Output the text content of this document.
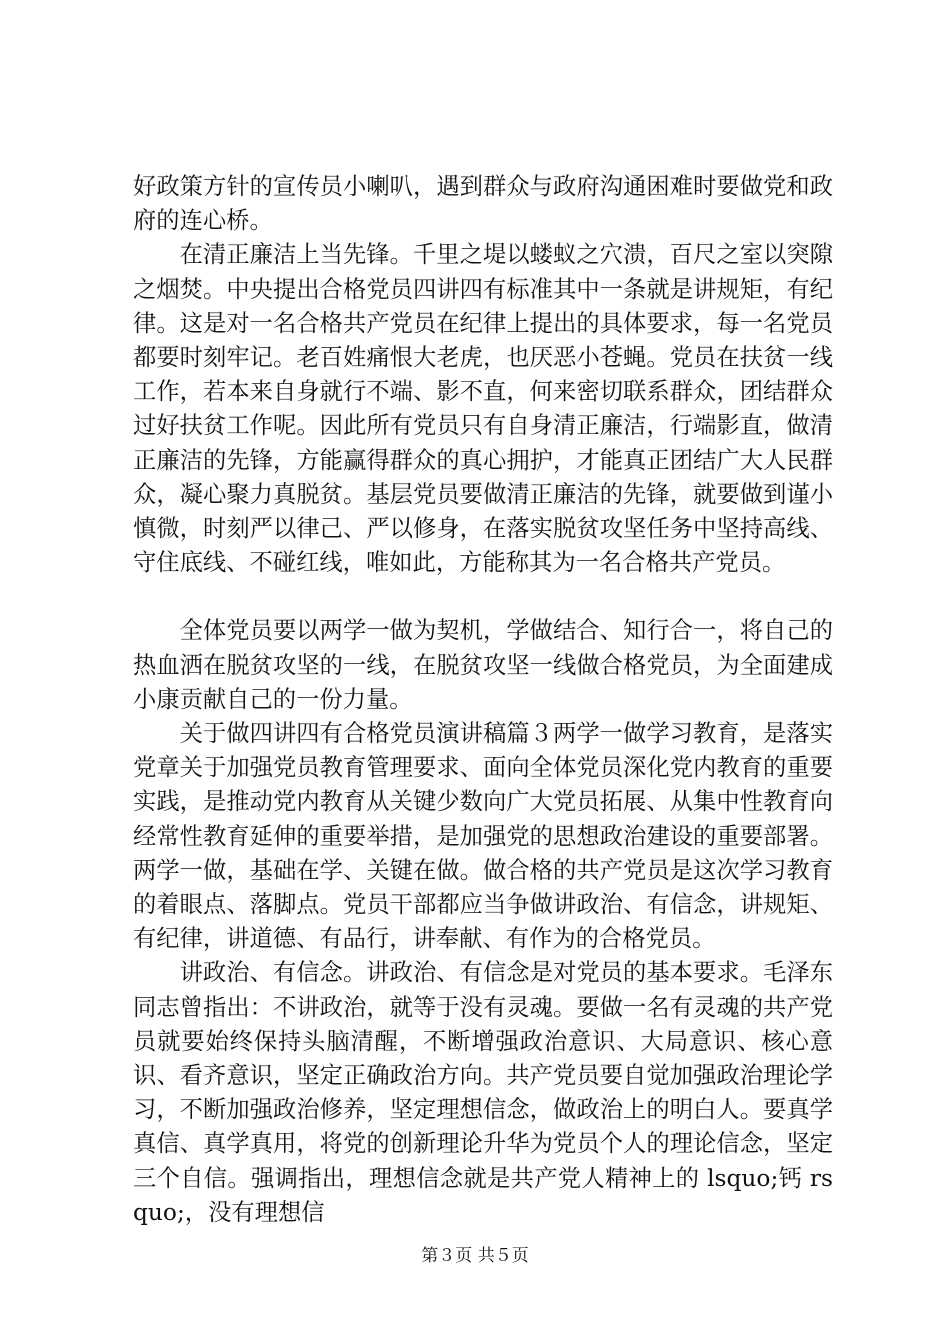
好政策方针的宣传员小喇叭，遇到群众与政府沟通困难时要做党和政府的连心桥。

在清正廉洁上当先锋。千里之堤以蝼蚁之穴溃，百尺之室以突隙之烟焚。中央提出合格党员四讲四有标准其中一条就是讲规矩，有纪律。这是对一名合格共产党员在纪律上提出的具体要求，每一名党员都要时刻牢记。老百姓痛恨大老虎，也厌恶小苍蝇。党员在扶贫一线工作，若本来自身就行不端、影不直，何来密切联系群众，团结群众过好扶贫工作呢。因此所有党员只有自身清正廉洁，行端影直，做清正廉洁的先锋，方能赢得群众的真心拥护，才能真正团结广大人民群众，凝心聚力真脱贫。基层党员要做清正廉洁的先锋，就要做到谨小慎微，时刻严以律己、严以修身，在落实脱贫攻坚任务中坚持高线、守住底线、不碰红线，唯如此，方能称其为一名合格共产党员。

全体党员要以两学一做为契机，学做结合、知行合一，将自己的热血洒在脱贫攻坚的一线，在脱贫攻坚一线做合格党员，为全面建成小康贡献自己的一份力量。

关于做四讲四有合格党员演讲稿篇３两学一做学习教育，是落实党章关于加强党员教育管理要求、面向全体党员深化党内教育的重要实践，是推动党内教育从关键少数向广大党员拓展、从集中性教育向经常性教育延伸的重要举措，是加强党的思想政治建设的重要部署。两学一做，基础在学、关键在做。做合格的共产党员是这次学习教育的着眼点、落脚点。党员干部都应当争做讲政治、有信念，讲规矩、有纪律，讲道德、有品行，讲奉献、有作为的合格党员。

讲政治、有信念。讲政治、有信念是对党员的基本要求。毛泽东同志曾指出：不讲政治，就等于没有灵魂。要做一名有灵魂的共产党员就要始终保持头脑清醒，不断增强政治意识、大局意识、核心意识、看齐意识，坚定正确政治方向。共产党员要自觉加强政治理论学习，不断加强政治修养，坚定理想信念，做政治上的明白人。要真学真信、真学真用，将党的创新理论升华为党员个人的理论信念，坚定三个自信。强调指出，理想信念就是共产党人精神上的 lsquo;钙 rsquo;，没有理想信

第３页 共５页
